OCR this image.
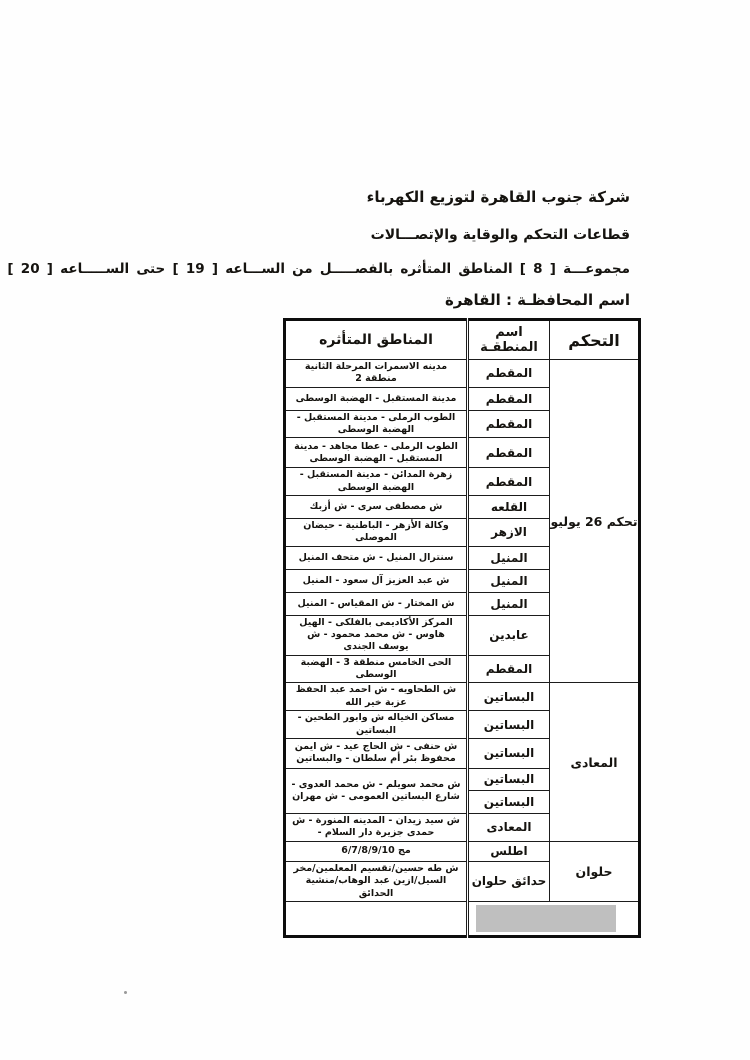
شركة جنوب القاهرة لتوزيع الكهرباء
قطاعات التحكم والوقاية والإتصـــالات
مجموعـــة [ 8 ] المناطق المتأثره بالفصـــــل من الســـاعه [ 19 ] حتى الســـــاعه [ 20 ]
اسم المحافظـة : القاهرة
التحكم	اسم المنطقـة	المناطق المتأثره
تحكم 26 يوليو	المقطم	مدينه الاسمرات المرحلة الثانية منطقة 2
	المقطم	مدينة المستقبل - الهضبة الوسطى
	المقطم	الطوب الرملى - مدينة المستقبل - الهضبة الوسطى
	المقطم	الطوب الرملى - عطا مجاهد - مدينة المستقبل - الهضبة الوسطى
	المقطم	زهرة المدائن - مدينة المستقبل - الهضبة الوسطى
	القلعه	ش مصطفى سرى - ش أزبك
	الازهر	وكالة الأزهر - الباطنية - حيضان الموصلى
	المنيل	سنترال المنيل - ش متحف المنيل
	المنيل	ش عبد العزيز آل سعود - المنيل
	المنيل	ش المختار - ش المقياس - المنيل
	عابدين	المركز الأكاديمى بالفلكى - الهيل هاوس - ش محمد محمود - ش يوسف الجندى
	المقطم	الحى الخامس منطقة 3 - الهضبة الوسطى
المعادى	البساتين	ش الطحاويه - ش احمد عبد الحفظ عزبة خير الله
	البساتين	مساكن الخياله ش وابور الطحين - البساتين
	البساتين	ش حنفى - ش الحاج عيد - ش ايمن محفوظ بئر أم سلطان - والبساتين
	البساتين	ش محمد سويلم - ش محمد العدوى - شارع البساتين العمومى - ش مهران
	البساتين	
	المعادى	ش سيد زيدان - المدينه المنورة - ش حمدى جزيرة دار السلام -
حلوان	اطلس	مج 6/7/8/9/10
	حدائق حلوان	ش طه حسين/تقسيم المعلمين/مخر السيل/ازين عبد الوهاب/منشية الحدائق
